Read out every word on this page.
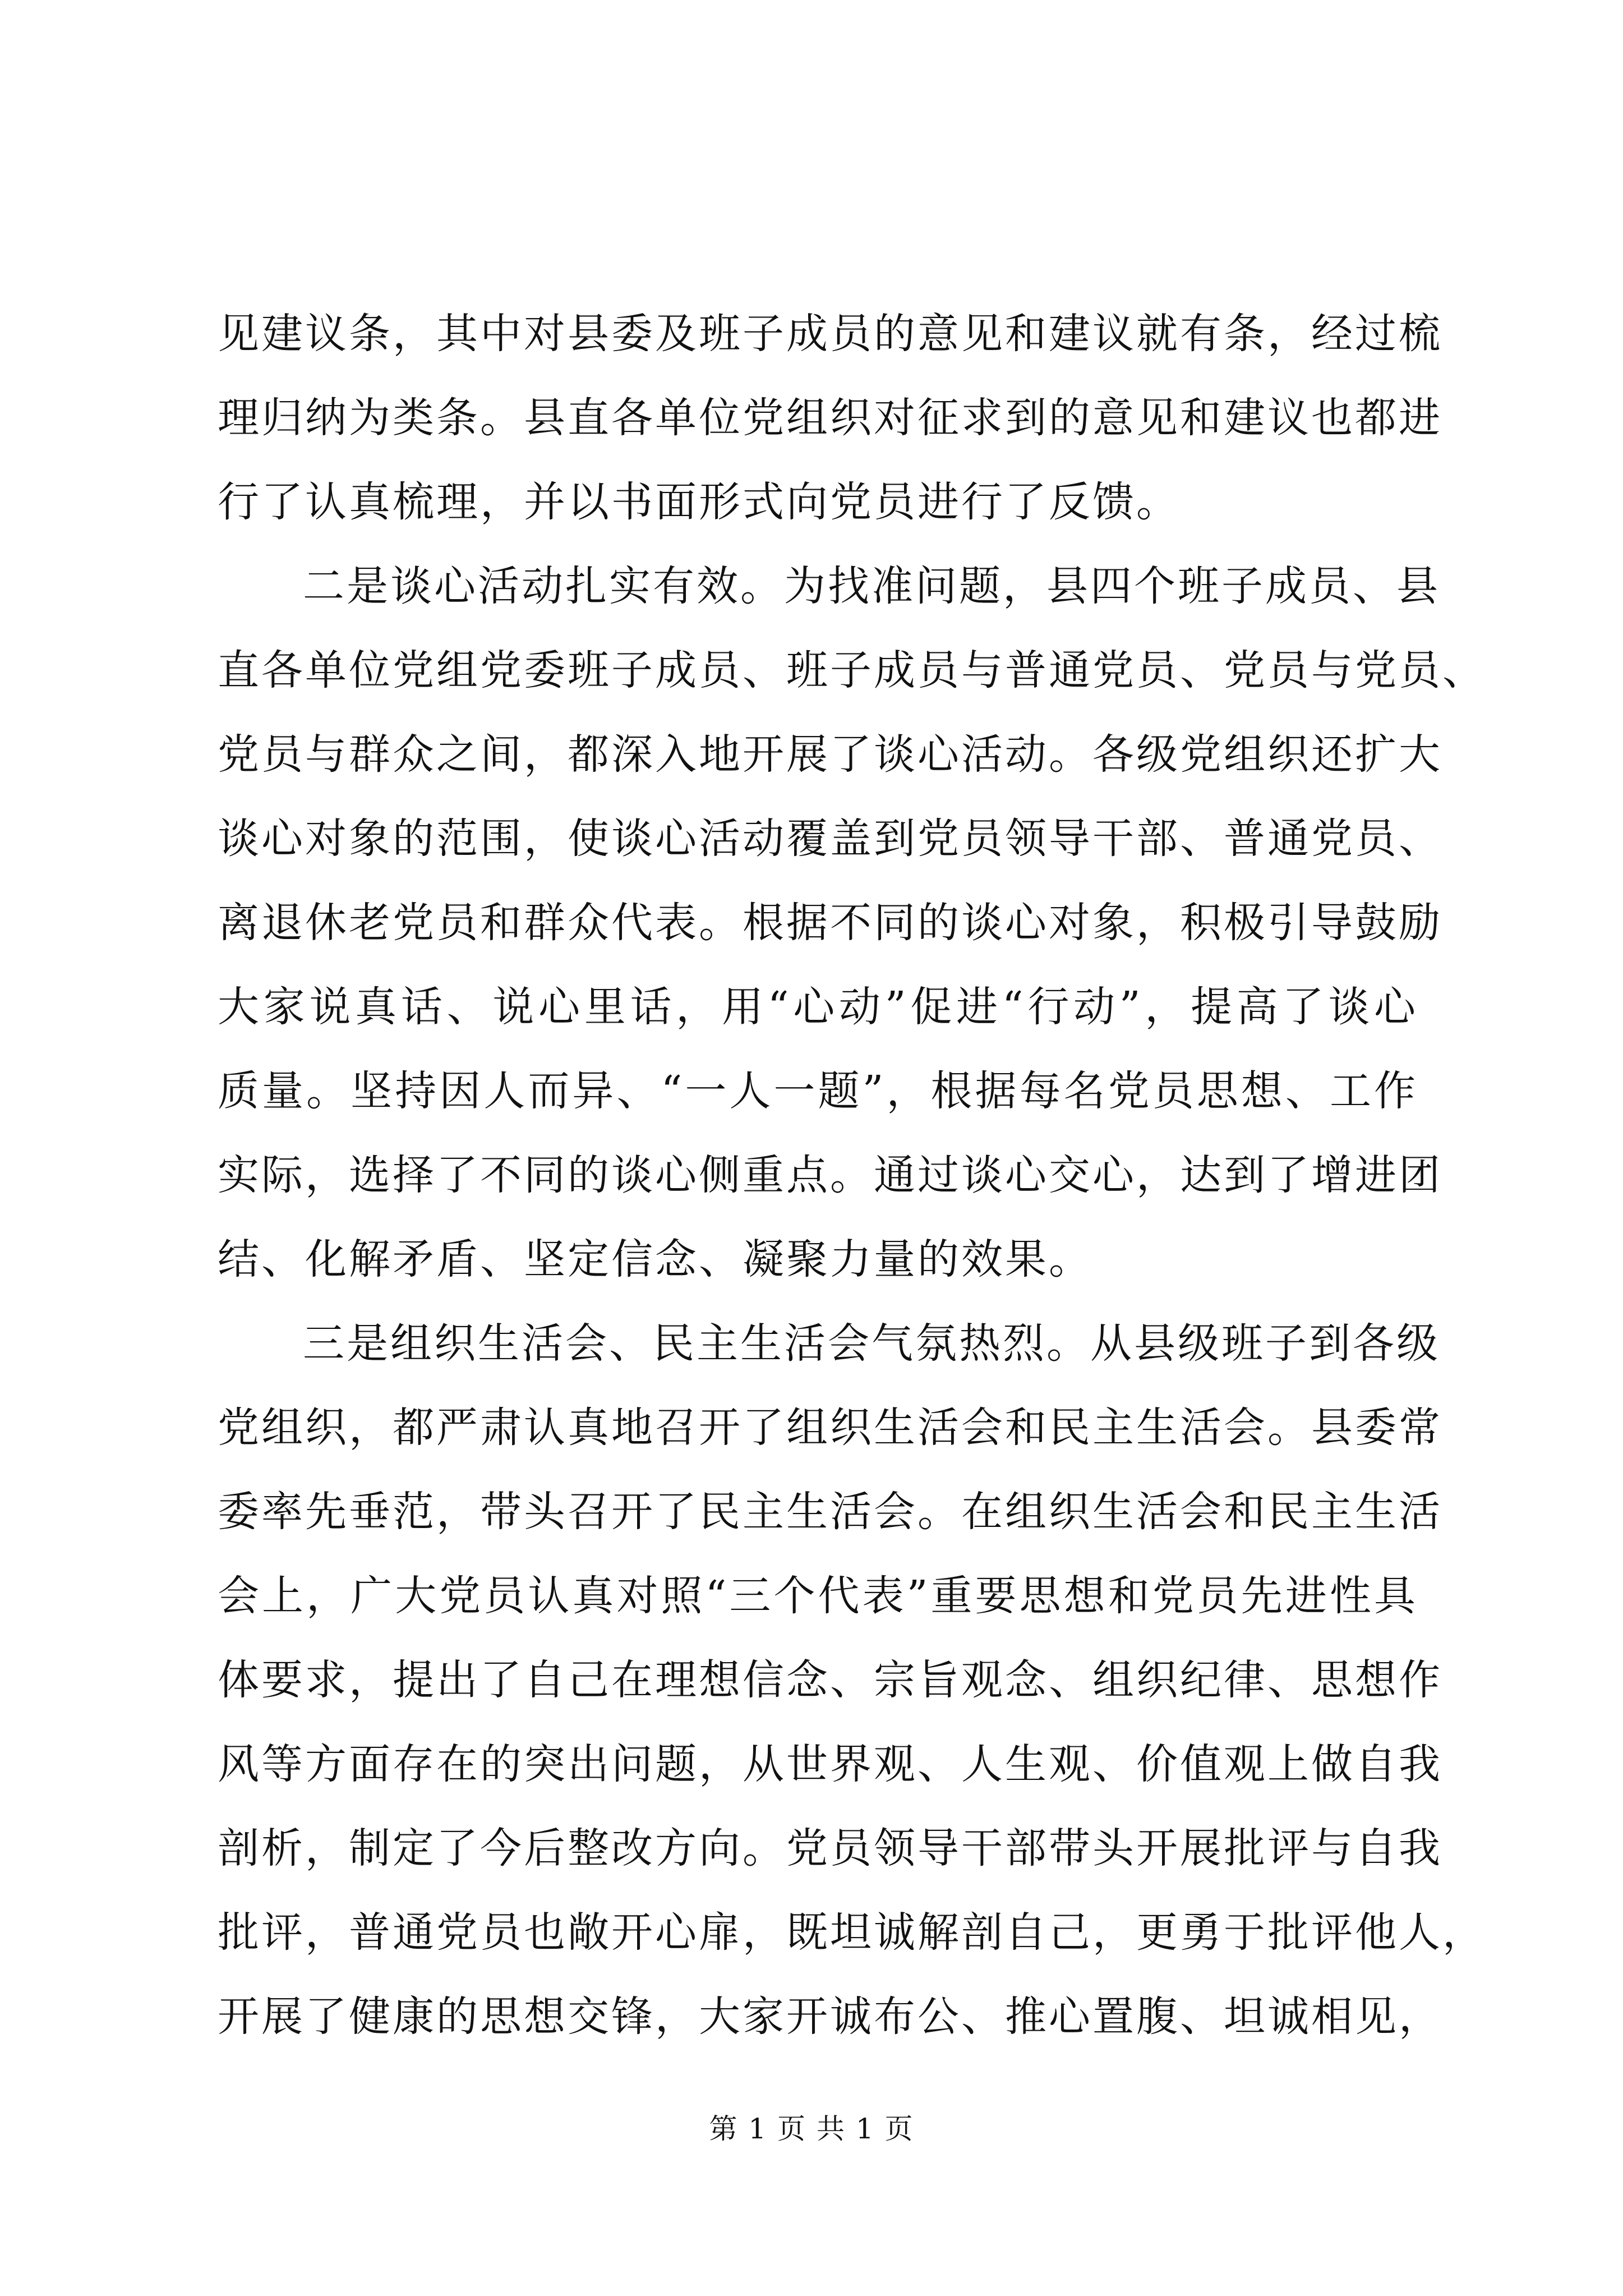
见建议条，其中对县委及班子成员的意见和建议就有条，经过梳
理归纳为类条。县直各单位党组织对征求到的意见和建议也都进
行了认真梳理，并以书面形式向党员进行了反馈。
二是谈心活动扎实有效。为找准问题，县四个班子成员、县
直各单位党组党委班子成员、班子成员与普通党员、党员与党员、
党员与群众之间，都深入地开展了谈心活动。各级党组织还扩大
谈心对象的范围，使谈心活动覆盖到党员领导干部、普通党员、
离退休老党员和群众代表。根据不同的谈心对象，积极引导鼓励
大家说真话、说心里话，用“心动”促进“行动”，提高了谈心
质量。坚持因人而异、“一人一题”，根据每名党员思想、工作
实际，选择了不同的谈心侧重点。通过谈心交心，达到了增进团
结、化解矛盾、坚定信念、凝聚力量的效果。
三是组织生活会、民主生活会气氛热烈。从县级班子到各级
党组织，都严肃认真地召开了组织生活会和民主生活会。县委常
委率先垂范，带头召开了民主生活会。在组织生活会和民主生活
会上，广大党员认真对照“三个代表”重要思想和党员先进性具
体要求，提出了自己在理想信念、宗旨观念、组织纪律、思想作
风等方面存在的突出问题，从世界观、人生观、价值观上做自我
剖析，制定了今后整改方向。党员领导干部带头开展批评与自我
批评，普通党员也敞开心扉，既坦诚解剖自己，更勇于批评他人，
开展了健康的思想交锋，大家开诚布公、推心置腹、坦诚相见，
第 1 页 共 1 页
